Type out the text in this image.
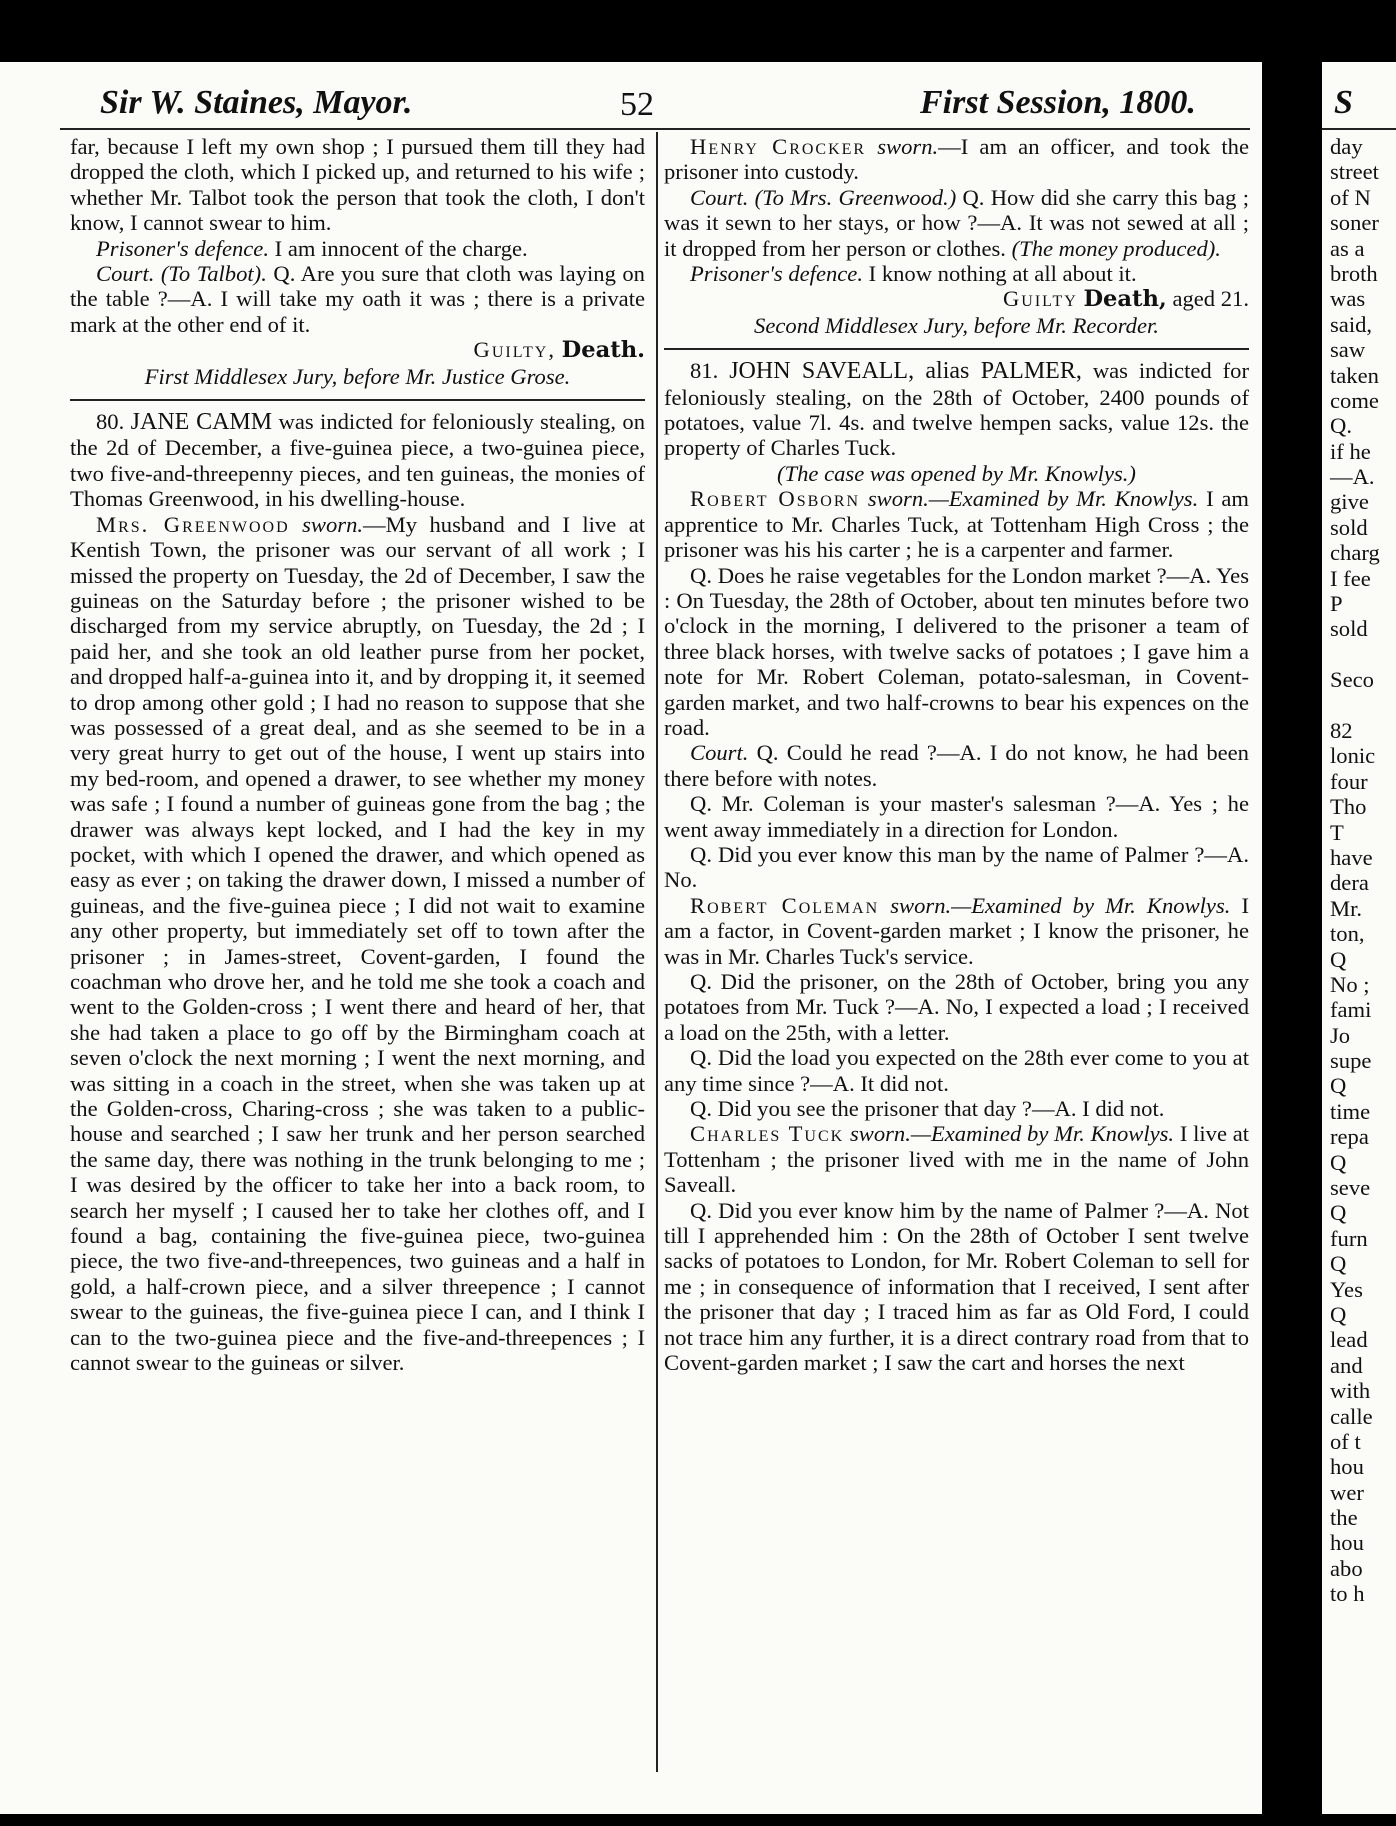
Sir W. Staines, Mayor.	52	First Session, 1800.

far, because I left my own shop ; I pursued them till they had dropped the cloth, which I picked up, and returned to his wife ; whether Mr. Talbot took the person that took the cloth, I don't know, I cannot swear to him.

Prisoner's defence. I am innocent of the charge.

Court. (To Talbot). Q. Are you sure that cloth was laying on the table ?—A. I will take my oath it was ; there is a private mark at the other end of it.

Guilty, Death.

First Middlesex Jury, before Mr. Justice Grose.

80. JANE CAMM was indicted for feloniously stealing, on the 2d of December, a five-guinea piece, a two-guinea piece, two five-and-threepenny pieces, and ten guineas, the monies of Thomas Greenwood, in his dwelling-house.

Mrs. Greenwood sworn.—My husband and I live at Kentish Town, the prisoner was our servant of all work ; I missed the property on Tuesday, the 2d of December, I saw the guineas on the Saturday before ; the prisoner wished to be discharged from my service abruptly, on Tuesday, the 2d ; I paid her, and she took an old leather purse from her pocket, and dropped half-a-guinea into it, and by dropping it, it seemed to drop among other gold ; I had no reason to suppose that she was possessed of a great deal, and as she seemed to be in a very great hurry to get out of the house, I went up stairs into my bed-room, and opened a drawer, to see whether my money was safe ; I found a number of guineas gone from the bag ; the drawer was always kept locked, and I had the key in my pocket, with which I opened the drawer, and which opened as easy as ever ; on taking the drawer down, I missed a number of guineas, and the five-guinea piece ; I did not wait to examine any other property, but immediately set off to town after the prisoner ; in James-street, Covent-garden, I found the coachman who drove her, and he told me she took a coach and went to the Golden-cross ; I went there and heard of her, that she had taken a place to go off by the Birmingham coach at seven o'clock the next morning ; I went the next morning, and was sitting in a coach in the street, when she was taken up at the Golden-cross, Charing-cross ; she was taken to a public-house and searched ; I saw her trunk and her person searched the same day, there was nothing in the trunk belonging to me ; I was desired by the officer to take her into a back room, to search her myself ; I caused her to take her clothes off, and I found a bag, containing the five-guinea piece, two-guinea piece, the two five-and-threepences, two guineas and a half in gold, a half-crown piece, and a silver threepence ; I cannot swear to the guineas, the five-guinea piece I can, and I think I can to the two-guinea piece and the five-and-threepences ; I cannot swear to the guineas or silver.

Henry Crocker sworn.—I am an officer, and took the prisoner into custody.

Court. (To Mrs. Greenwood.) Q. How did she carry this bag ; was it sewn to her stays, or how ?—A. It was not sewed at all ; it dropped from her person or clothes. (The money produced).

Prisoner's defence. I know nothing at all about it.

Guilty Death, aged 21.

Second Middlesex Jury, before Mr. Recorder.

81. JOHN SAVEALL, alias PALMER, was indicted for feloniously stealing, on the 28th of October, 2400 pounds of potatoes, value 7l. 4s. and twelve hempen sacks, value 12s. the property of Charles Tuck.

(The case was opened by Mr. Knowlys.)

Robert Osborn sworn.—Examined by Mr. Knowlys. I am apprentice to Mr. Charles Tuck, at Tottenham High Cross ; the prisoner was his his carter ; he is a carpenter and farmer.

Q. Does he raise vegetables for the London market ?—A. Yes : On Tuesday, the 28th of October, about ten minutes before two o'clock in the morning, I delivered to the prisoner a team of three black horses, with twelve sacks of potatoes ; I gave him a note for Mr. Robert Coleman, potato-salesman, in Covent-garden market, and two half-crowns to bear his expences on the road.

Court. Q. Could he read ?—A. I do not know, he had been there before with notes.

Q. Mr. Coleman is your master's salesman ?—A. Yes ; he went away immediately in a direction for London.

Q. Did you ever know this man by the name of Palmer ?—A. No.

Robert Coleman sworn.—Examined by Mr. Knowlys. I am a factor, in Covent-garden market ; I know the prisoner, he was in Mr. Charles Tuck's service.

Q. Did the prisoner, on the 28th of October, bring you any potatoes from Mr. Tuck ?—A. No, I expected a load ; I received a load on the 25th, with a letter.

Q. Did the load you expected on the 28th ever come to you at any time since ?—A. It did not.

Q. Did you see the prisoner that day ?—A. I did not.

Charles Tuck sworn.—Examined by Mr. Knowlys. I live at Tottenham ; the prisoner lived with me in the name of John Saveall.

Q. Did you ever know him by the name of Palmer ?—A. Not till I apprehended him : On the 28th of October I sent twelve sacks of potatoes to London, for Mr. Robert Coleman to sell for me ; in consequence of information that I received, I sent after the prisoner that day ; I traced him as far as Old Ford, I could not trace him any further, it is a direct contrary road from that to Covent-garden market ; I saw the cart and horses the next

S
day
street
of N
soner
as a
broth
was
said,
saw
taken
come
Q.
if he
—A.
give
sold
charg
I fee
P
sold
Seco
82
lonic
four
Tho
T
have
dera
Mr.
ton,
Q
No ;
fami
Jo
supe
Q
time
repa
Q
seve
Q
furn
Q
Yes
Q
lead
and
with
calle
of t
hou
wer
the
hou
abo
to h
